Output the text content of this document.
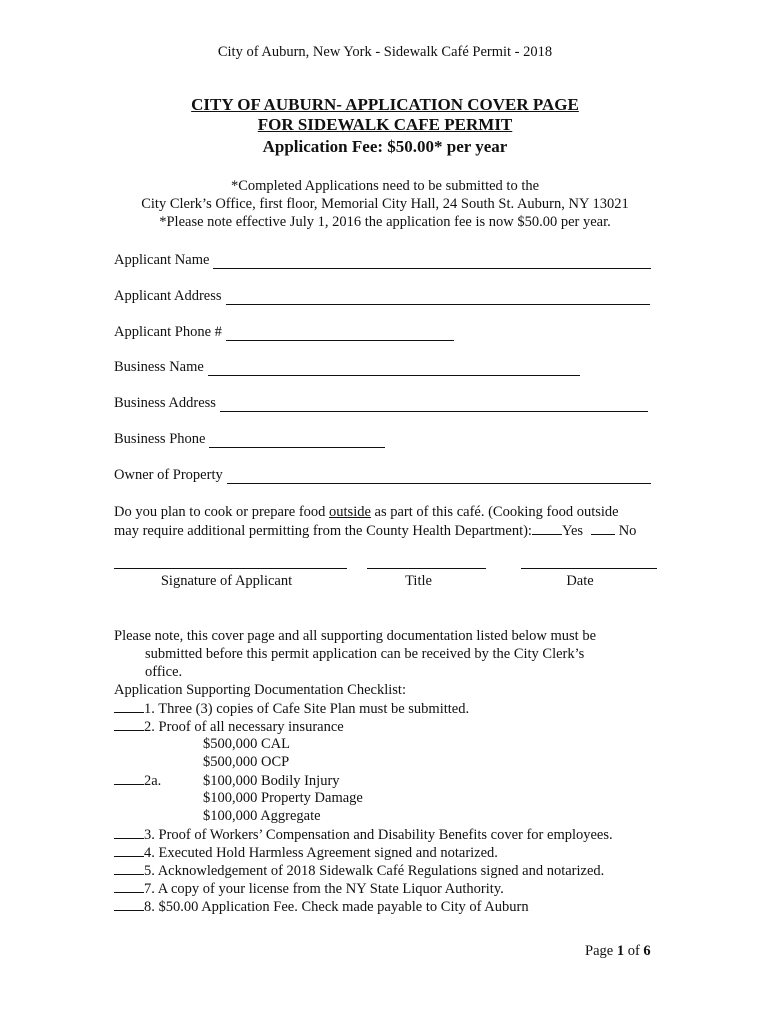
City of Auburn, New York - Sidewalk Café Permit - 2018
CITY OF AUBURN- APPLICATION COVER PAGE
FOR SIDEWALK CAFE PERMIT
Application Fee: $50.00* per year
*Completed Applications need to be submitted to the
City Clerk’s Office, first floor, Memorial City Hall, 24 South St. Auburn, NY 13021
*Please note effective July 1, 2016 the application fee is now $50.00 per year.
Applicant Name
Applicant Address
Applicant Phone #
Business Name
Business Address
Business Phone
Owner of Property
Do you plan to cook or prepare food outside as part of this café. (Cooking food outside
may require additional permitting from the County Health Department): Yes No
Signature of Applicant	Title	Date
Please note, this cover page and all supporting documentation listed below must be
submitted before this permit application can be received by the City Clerk’s
office.
Application Supporting Documentation Checklist:
1. Three (3) copies of Cafe Site Plan must be submitted.
2. Proof of all necessary insurance
$500,000 CAL
$500,000 OCP
2a.	$100,000 Bodily Injury
$100,000 Property Damage
$100,000 Aggregate
3. Proof of Workers’ Compensation and Disability Benefits cover for employees.
4. Executed Hold Harmless Agreement signed and notarized.
5. Acknowledgement of 2018 Sidewalk Café Regulations signed and notarized.
7. A copy of your license from the NY State Liquor Authority.
8. $50.00 Application Fee. Check made payable to City of Auburn
Page 1 of 6
